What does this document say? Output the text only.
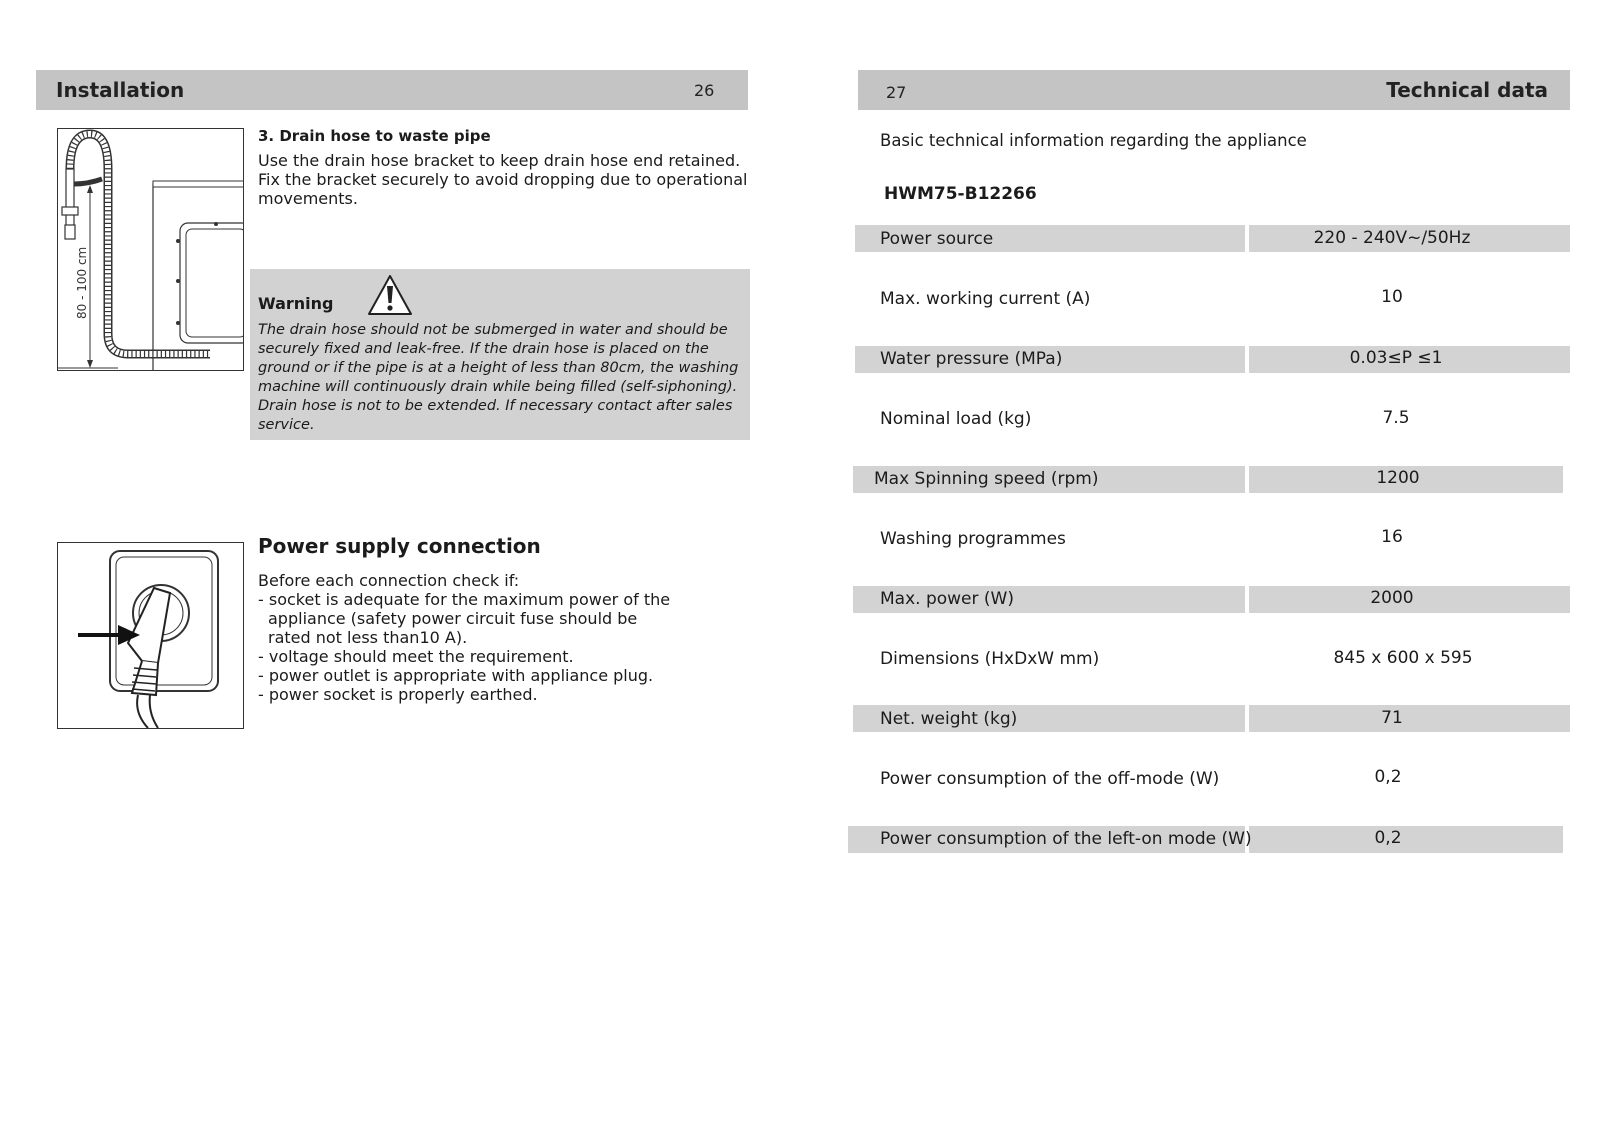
Installation	26
80 - 100 cm
3. Drain hose to waste pipe
Use the drain hose bracket to keep drain hose end retained.
Fix the bracket securely to avoid dropping due to operational
movements.
Warning
The drain hose should not be submerged in water and should be
securely fixed and leak-free. If the drain hose is placed on the
ground or if the pipe is at a height of less than 80cm, the washing
machine will continuously drain while being filled (self-siphoning).
Drain hose is not to be extended. If necessary contact after sales
service.
Power supply connection
Before each connection check if:
- socket is adequate for the maximum power of the
appliance (safety power circuit fuse should be
rated not less than10 A).
- voltage should meet the requirement.
- power outlet is appropriate with appliance plug.
- power socket is properly earthed.
27	Technical data
Basic technical information regarding the appliance
HWM75-B12266
Power source	220 - 240V~/50Hz
Max. working current (A)	10
Water pressure (MPa)	0.03≤P ≤1
Nominal load (kg)	7.5
Max Spinning speed (rpm)	1200
Washing programmes	16
Max. power (W)	2000
Dimensions (HxDxW mm)	845 x 600 x 595
Net. weight (kg)	71
Power consumption of the off-mode (W)	0,2
Power consumption of the left-on mode (W)	0,2
